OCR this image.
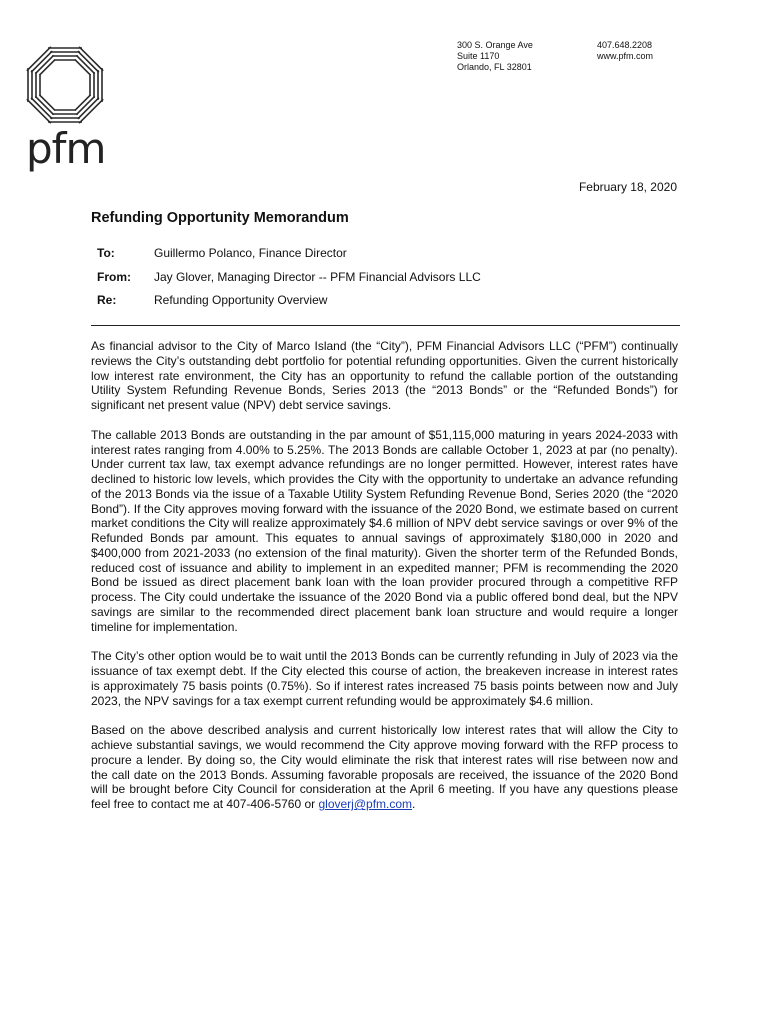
pfm
300 S. Orange Ave
Suite 1170
Orlando, FL 32801
407.648.2208
www.pfm.com
February 18, 2020
Refunding Opportunity Memorandum
To:	Guillermo Polanco, Finance Director
From: Jay Glover, Managing Director -- PFM Financial Advisors LLC
Re:	Refunding Opportunity Overview

As financial advisor to the City of Marco Island (the “City”), PFM Financial Advisors LLC (“PFM”) continually reviews the City’s outstanding debt portfolio for potential refunding opportunities. Given the current historically low interest rate environment, the City has an opportunity to refund the callable portion of the outstanding Utility System Refunding Revenue Bonds, Series 2013 (the “2013 Bonds” or the “Refunded Bonds”) for significant net present value (NPV) debt service savings.

The callable 2013 Bonds are outstanding in the par amount of $51,115,000 maturing in years 2024-2033 with interest rates ranging from 4.00% to 5.25%. The 2013 Bonds are callable October 1, 2023 at par (no penalty). Under current tax law, tax exempt advance refundings are no longer permitted. However, interest rates have declined to historic low levels, which provides the City with the opportunity to undertake an advance refunding of the 2013 Bonds via the issue of a Taxable Utility System Refunding Revenue Bond, Series 2020 (the “2020 Bond”). If the City approves moving forward with the issuance of the 2020 Bond, we estimate based on current market conditions the City will realize approximately $4.6 million of NPV debt service savings or over 9% of the Refunded Bonds par amount. This equates to annual savings of approximately $180,000 in 2020 and $400,000 from 2021-2033 (no extension of the final maturity). Given the shorter term of the Refunded Bonds, reduced cost of issuance and ability to implement in an expedited manner; PFM is recommending the 2020 Bond be issued as direct placement bank loan with the loan provider procured through a competitive RFP process. The City could undertake the issuance of the 2020 Bond via a public offered bond deal, but the NPV savings are similar to the recommended direct placement bank loan structure and would require a longer timeline for implementation.

The City’s other option would be to wait until the 2013 Bonds can be currently refunding in July of 2023 via the issuance of tax exempt debt. If the City elected this course of action, the breakeven increase in interest rates is approximately 75 basis points (0.75%). So if interest rates increased 75 basis points between now and July 2023, the NPV savings for a tax exempt current refunding would be approximately $4.6 million.

Based on the above described analysis and current historically low interest rates that will allow the City to achieve substantial savings, we would recommend the City approve moving forward with the RFP process to procure a lender. By doing so, the City would eliminate the risk that interest rates will rise between now and the call date on the 2013 Bonds. Assuming favorable proposals are received, the issuance of the 2020 Bond will be brought before City Council for consideration at the April 6 meeting. If you have any questions please feel free to contact me at 407-406-5760 or gloverj@pfm.com.
